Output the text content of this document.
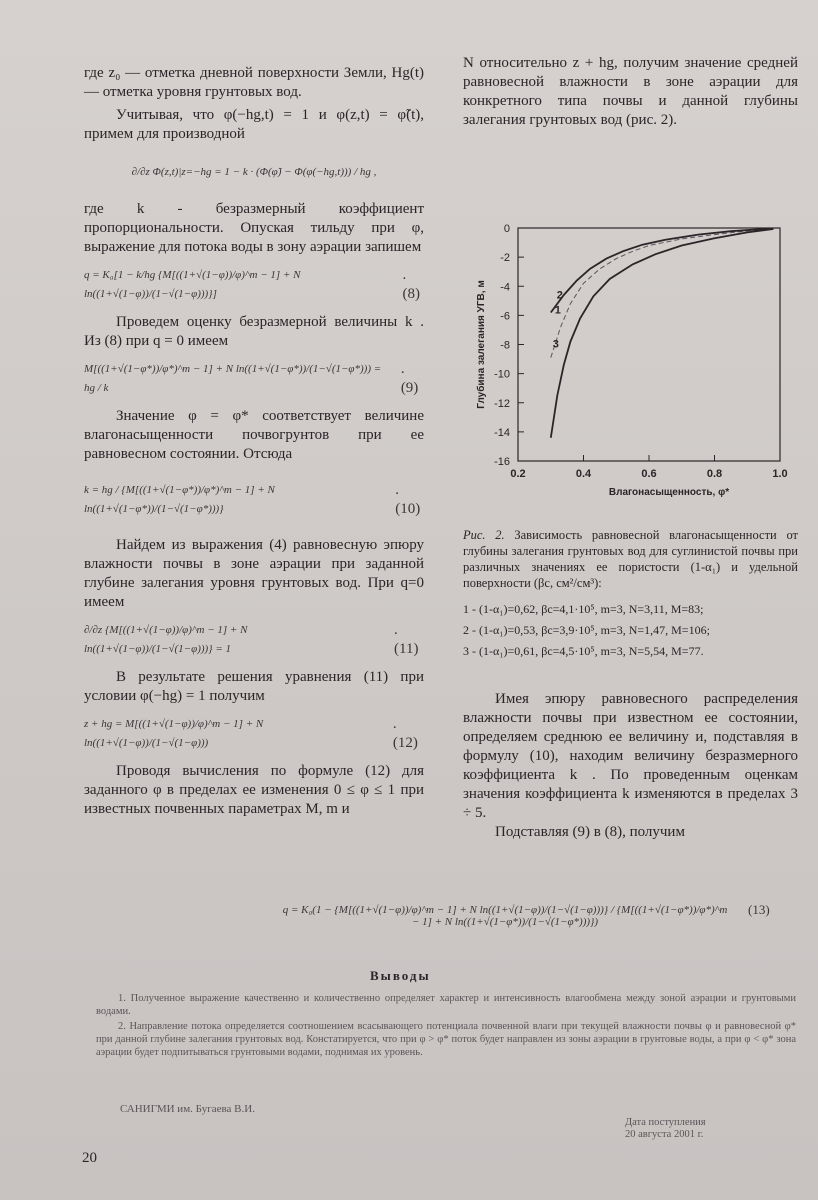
где z₀ — отметка дневной поверхности Земли, Hg(t) — отметка уровня грунтовых вод.

Учитывая, что φ(−hg,t) = 1 и φ(z,t) = φ̃(t), примем для производной

∂/∂z Φ(z,t)|z=−hg = 1 − k · (Φ(φ̃) − Φ(φ(−hg,t))) / hg ,

где k - безразмерный коэффициент пропорциональности. Опуская тильду при φ, выражение для потока воды в зону аэрации запишем

q = K₀[1 − k/hg {M[((1+√(1−φ))/φ)^m − 1] + N ln((1+√(1−φ))/(1−√(1−φ)))}]
. (8)

Проведем оценку безразмерной величины k . Из (8) при q = 0 имеем

M[((1+√(1−φ*))/φ*)^m − 1] + N ln((1+√(1−φ*))/(1−√(1−φ*))) = hg / k
. (9)

Значение φ = φ* соответствует величине влагонасыщенности почвогрунтов при ее равновесном состоянии. Отсюда

k = hg / {M[((1+√(1−φ*))/φ*)^m − 1] + N ln((1+√(1−φ*))/(1−√(1−φ*)))}
. (10)

Найдем из выражения (4) равновесную эпюру влажности почвы в зоне аэрации при заданной глубине залегания уровня грунтовых вод. При q=0 имеем

∂/∂z {M[((1+√(1−φ))/φ)^m − 1] + N ln((1+√(1−φ))/(1−√(1−φ)))} = 1
. (11)

В результате решения уравнения (11) при условии φ(−hg) = 1 получим

z + hg = M[((1+√(1−φ))/φ)^m − 1] + N ln((1+√(1−φ))/(1−√(1−φ)))
. (12)

Проводя вычисления по формуле (12) для заданного φ в пределах ее изменения 0 ≤ φ ≤ 1 при известных почвенных параметрах M, m и

N относительно z + hg, получим значение средней равновесной влажности в зоне аэрации для конкретного типа почвы и данной глубины залегания грунтовых вод (рис. 2).

0
-2
-4
-6
-8
-10
-12
-14
-16
0.2	0.4	0.6	0.8	1.0
Влагонасыщенность, φ*
Глубина залегания УГВ, м	1
2
3
Рис. 2. Зависимость равновесной влагонасыщенности от глубины залегания грунтовых вод для суглинистой почвы при различных значениях ее пористости (1-α₁) и удельной поверхности (βc, см²/см³):
1 - (1-α₁)=0,62, βc=4,1·10⁵, m=3, N=3,11, M=83;
2 - (1-α₁)=0,53, βc=3,9·10⁵, m=3, N=1,47, M=106;
3 - (1-α₁)=0,61, βc=4,5·10⁵, m=3, N=5,54, M=77.

Имея эпюру равновесного распределения влажности почвы при известном ее состоянии, определяем среднюю ее величину и, подставляя в формулу (10), находим величину безразмерного коэффициента k . По проведенным оценкам значения коэффициента k изменяются в пределах 3 ÷ 5.

Подставляя (9) в (8), получим

q = K₀(1 − {M[((1+√(1−φ))/φ)^m − 1] + N ln((1+√(1−φ))/(1−√(1−φ)))} / {M[((1+√(1−φ*))/φ*)^m − 1] + N ln((1+√(1−φ*))/(1−√(1−φ*)))})
(13)
Выводы

1. Полученное выражение качественно и количественно определяет характер и интенсивность влагообмена между зоной аэрации и грунтовыми водами.

2. Направление потока определяется соотношением всасывающего потенциала почвенной влаги при текущей влажности почвы φ и равновесной φ* при данной глубине залегания грунтовых вод. Констатируется, что при φ > φ* поток будет направлен из зоны аэрации в грунтовые воды, а при φ < φ* зона аэрации будет подпитываться грунтовыми водами, поднимая их уровень.

САНИГМИ им. Бугаева В.И.
Дата поступления
20 августа 2001 г.
20
